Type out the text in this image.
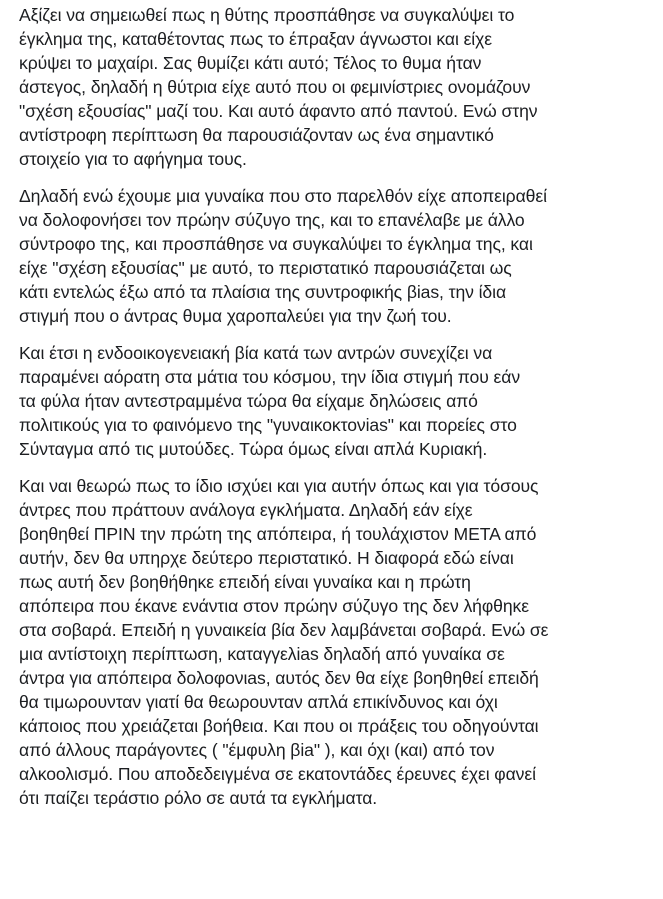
Αξίζει να σημειωθεί πως η θύτης προσπάθησε να συγκαλύψει το
έγκλημα της, καταθέτοντας πως το έπραξαν άγνωστοι και είχε
κρύψει το μαχαίρι. Σας θυμίζει κάτι αυτό; Τέλος το θυμα ήταν
άστεγος, δηλαδή η θύτρια είχε αυτό που οι φεμινίστριες ονομάζουν
"σχέση εξουσίας" μαζί του. Και αυτό άφαντο από παντού. Ενώ στην
αντίστροφη περίπτωση θα παρουσιάζονταν ως ένα σημαντικό
στοιχείο για το αφήγημα τους.

Δηλαδή ενώ έχουμε μια γυναίκα που στο παρελθόν είχε αποπειραθεί
να δολοφονήσει τον πρώην σύζυγο της, και το επανέλαβε με άλλο
σύντροφο της, και προσπάθησε να συγκαλύψει το έγκλημα της, και
είχε "σχέση εξουσίας" με αυτό, το περιστατικό παρουσιάζεται ως
κάτι εντελώς έξω από τα πλαίσια της συντροφικής βias, την ίδια
στιγμή που ο άντρας θυμα χαροπαλεύει για την ζωή του.

Και έτσι η ενδοοικογενειακή βία κατά των αντρών συνεχίζει να
παραμένει αόρατη στα μάτια του κόσμου, την ίδια στιγμή που εάν
τα φύλα ήταν αντεστραμμένα τώρα θα είχαμε δηλώσεις από
πολιτικούς για το φαινόμενο της "γυναικοκτονias" και πορείες στο
Σύνταγμα από τις μυτούδες. Τώρα όμως είναι απλά Κυριακή.

Και ναι θεωρώ πως το ίδιο ισχύει και για αυτήν όπως και για τόσους
άντρες που πράττουν ανάλογα εγκλήματα. Δηλαδή εάν είχε
βοηθηθεί ΠΡΙΝ την πρώτη της απόπειρα, ή τουλάχιστον ΜΕΤΑ από
αυτήν, δεν θα υπηρχε δεύτερο περιστατικό. Η διαφορά εδώ είναι
πως αυτή δεν βοηθήθηκε επειδή είναι γυναίκα και η πρώτη
απόπειρα που έκανε ενάντια στον πρώην σύζυγο της δεν λήφθηκε
στα σοβαρά. Επειδή η γυναικεία βία δεν λαμβάνεται σοβαρά. Ενώ σε
μια αντίστοιχη περίπτωση, καταγγελias δηλαδή από γυναίκα σε
άντρα για απόπειρα δολοφονιas, αυτός δεν θα είχε βοηθηθεί επειδή
θα τιμωρουνταν γιατί θα θεωρουνταν απλά επικίνδυνος και όχι
κάποιος που χρειάζεται βοήθεια. Και που οι πράξεις του οδηγούνται
από άλλους παράγοντες ( "έμφυλη βia" ), και όχι (και) από τον
αλκοολισμό. Που αποδεδειγμένα σε εκατοντάδες έρευνες έχει φανεί
ότι παίζει τεράστιο ρόλο σε αυτά τα εγκλήματα.
